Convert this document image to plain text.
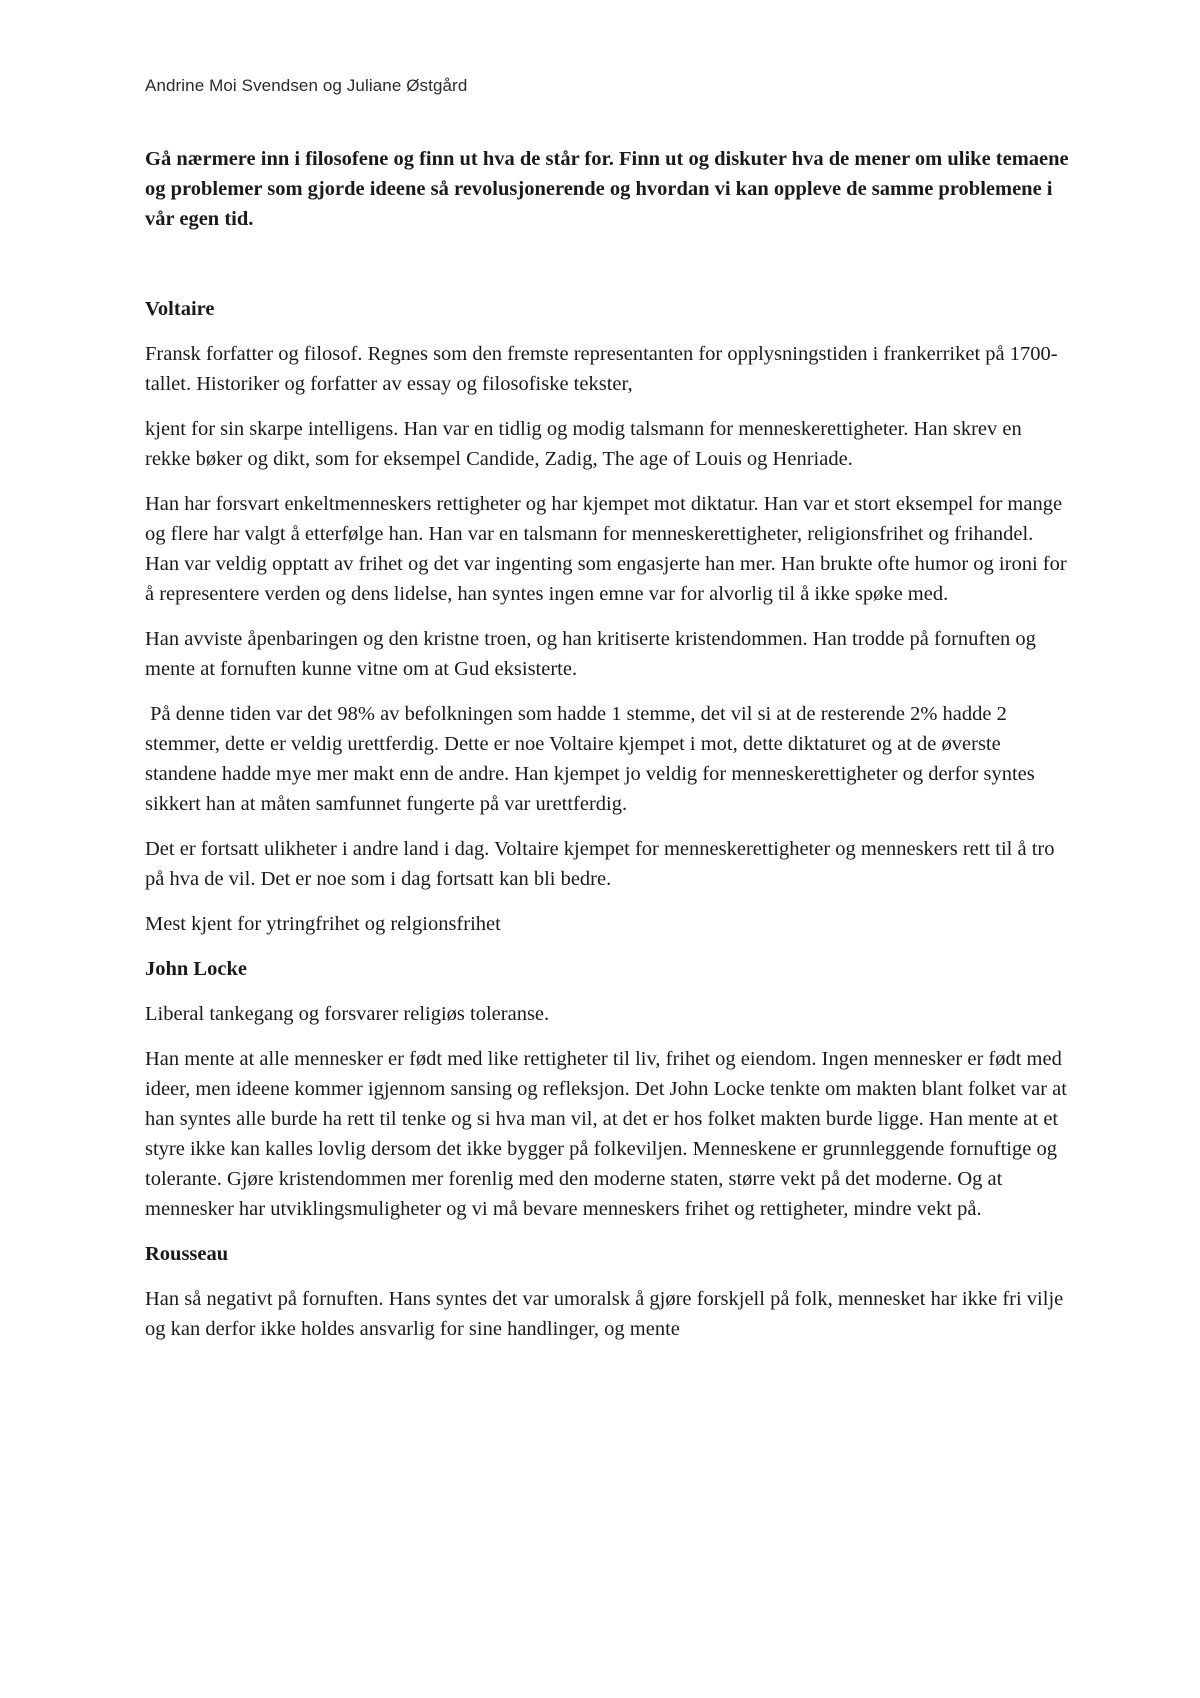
Andrine Moi Svendsen og Juliane Østgård

Gå nærmere inn i filosofene og finn ut hva de står for. Finn ut og diskuter hva de mener om ulike temaene og problemer som gjorde ideene så revolusjonerende og hvordan vi kan oppleve de samme problemene i vår egen tid.

Voltaire

Fransk forfatter og filosof. Regnes som den fremste representanten for opplysningstiden i frankerriket på 1700-tallet. Historiker og forfatter av essay og filosofiske tekster,

kjent for sin skarpe intelligens. Han var en tidlig og modig talsmann for menneskerettigheter. Han skrev en rekke bøker og dikt, som for eksempel Candide, Zadig, The age of Louis og Henriade.

Han har forsvart enkeltmenneskers rettigheter og har kjempet mot diktatur. Han var et stort eksempel for mange og flere har valgt å etterfølge han. Han var en talsmann for menneskerettigheter, religionsfrihet og frihandel. Han var veldig opptatt av frihet og det var ingenting som engasjerte han mer. Han brukte ofte humor og ironi for å representere verden og dens lidelse, han syntes ingen emne var for alvorlig til å ikke spøke med.

Han avviste åpenbaringen og den kristne troen, og han kritiserte kristendommen. Han trodde på fornuften og mente at fornuften kunne vitne om at Gud eksisterte.

På denne tiden var det 98% av befolkningen som hadde 1 stemme, det vil si at de resterende 2% hadde 2 stemmer, dette er veldig urettferdig. Dette er noe Voltaire kjempet i mot, dette diktaturet og at de øverste standene hadde mye mer makt enn de andre. Han kjempet jo veldig for menneskerettigheter og derfor syntes sikkert han at måten samfunnet fungerte på var urettferdig.

Det er fortsatt ulikheter i andre land i dag. Voltaire kjempet for menneskerettigheter og menneskers rett til å tro på hva de vil. Det er noe som i dag fortsatt kan bli bedre.

Mest kjent for ytringfrihet og relgionsfrihet

John Locke

Liberal tankegang og forsvarer religiøs toleranse.

Han mente at alle mennesker er født med like rettigheter til liv, frihet og eiendom. Ingen mennesker er født med ideer, men ideene kommer igjennom sansing og refleksjon. Det John Locke tenkte om makten blant folket var at han syntes alle burde ha rett til tenke og si hva man vil, at det er hos folket makten burde ligge. Han mente at et styre ikke kan kalles lovlig dersom det ikke bygger på folkeviljen. Menneskene er grunnleggende fornuftige og tolerante. Gjøre kristendommen mer forenlig med den moderne staten, større vekt på det moderne. Og at mennesker har utviklingsmuligheter og vi må bevare menneskers frihet og rettigheter, mindre vekt på.

Rousseau

Han så negativt på fornuften. Hans syntes det var umoralsk å gjøre forskjell på folk, mennesket har ikke fri vilje og kan derfor ikke holdes ansvarlig for sine handlinger, og mente
